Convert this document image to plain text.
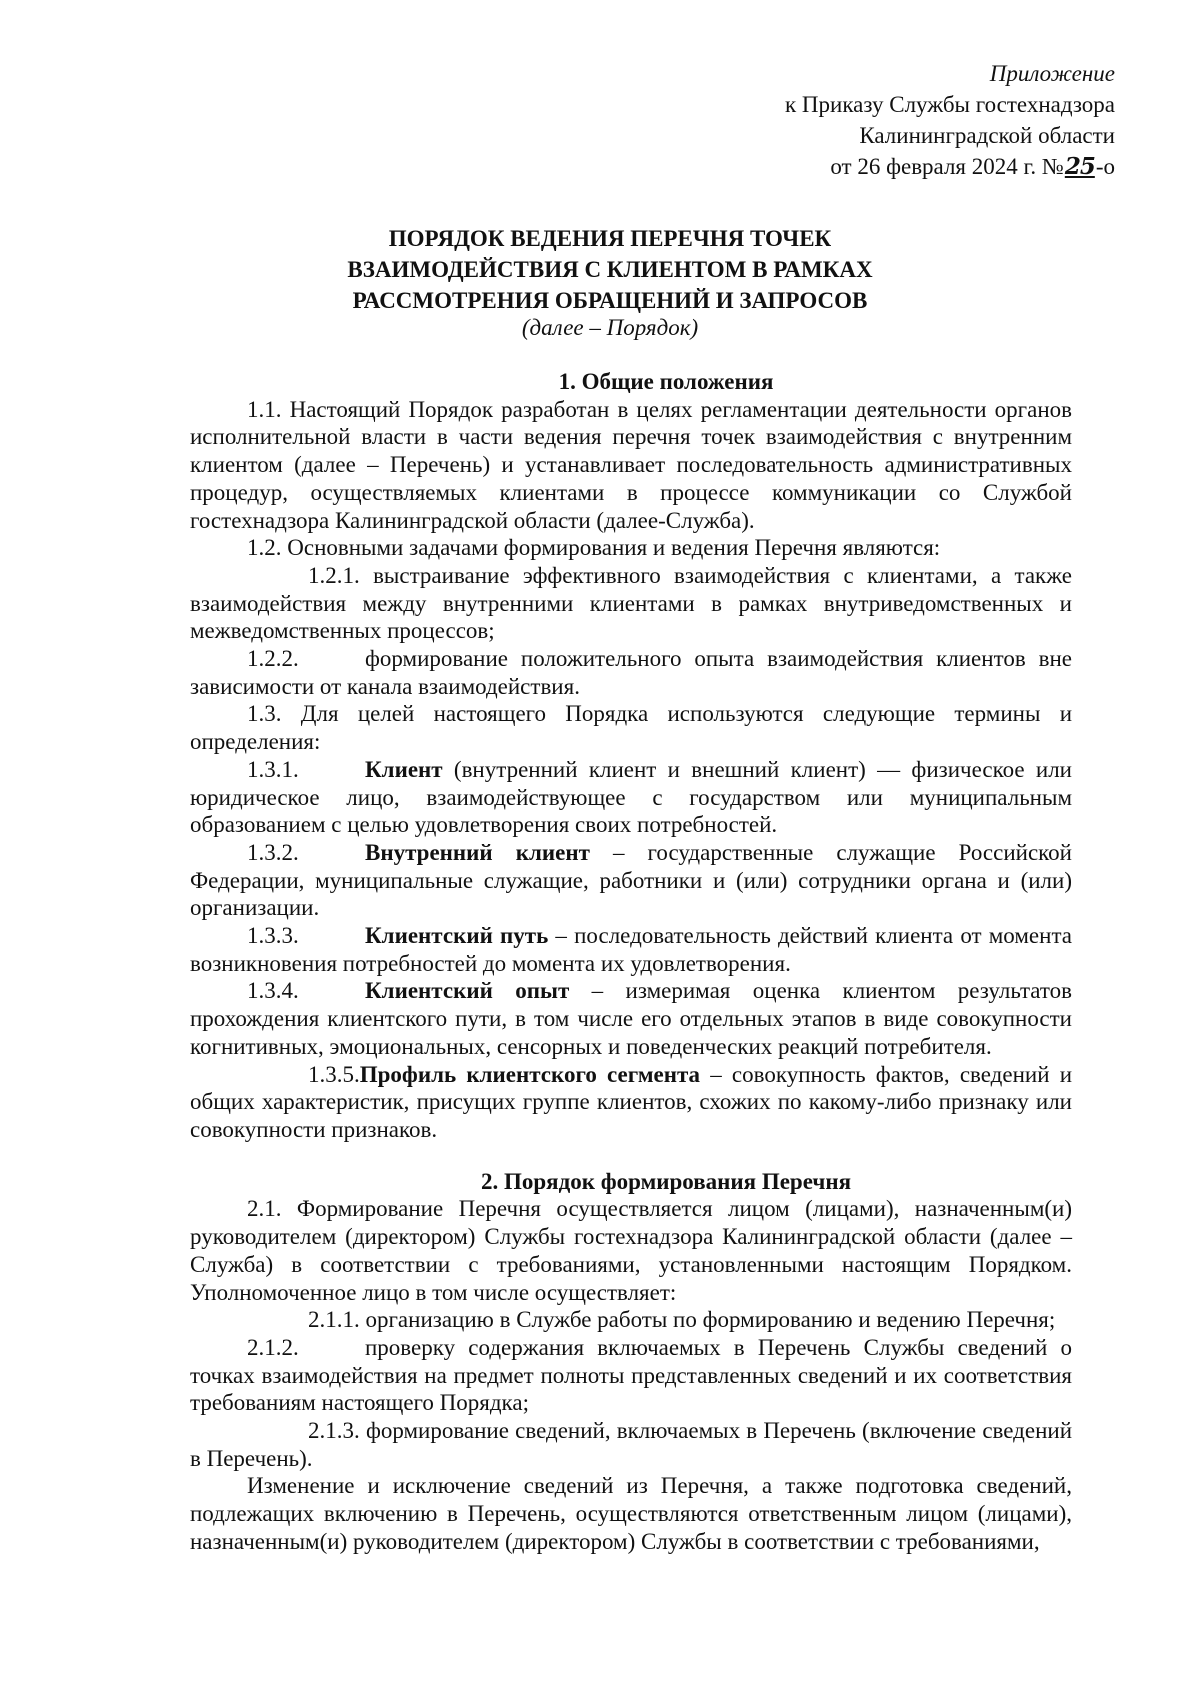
Приложение
к Приказу Службы гостехнадзора
Калининградской области
от 26 февраля 2024 г. №25-о
ПОРЯДОК ВЕДЕНИЯ ПЕРЕЧНЯ ТОЧЕК
ВЗАИМОДЕЙСТВИЯ С КЛИЕНТОМ В РАМКАХ
РАССМОТРЕНИЯ ОБРАЩЕНИЙ И ЗАПРОСОВ
(далее – Порядок)
1. Общие положения

1.1. Настоящий Порядок разработан в целях регламентации деятельности органов исполнительной власти в части ведения перечня точек взаимодействия с внутренним клиентом (далее – Перечень) и устанавливает последовательность административных процедур, осуществляемых клиентами в процессе коммуникации со Службой гостехнадзора Калининградской области (далее-Служба).

1.2. Основными задачами формирования и ведения Перечня являются:

1.2.1. выстраивание эффективного взаимодействия с клиентами, а также взаимодействия между внутренними клиентами в рамках внутриведомственных и межведомственных процессов;

1.2.2.	формирование положительного опыта взаимодействия клиентов вне зависимости от канала взаимодействия.

1.3. Для целей настоящего Порядка используются следующие термины и определения:

1.3.1.	Клиент (внутренний клиент и внешний клиент) — физическое или юридическое лицо, взаимодействующее с государством или муниципальным образованием с целью удовлетворения своих потребностей.

1.3.2.	Внутренний клиент – государственные служащие Российской Федерации, муниципальные служащие, работники и (или) сотрудники органа и (или) организации.

1.3.3.	Клиентский путь – последовательность действий клиента от момента возникновения потребностей до момента их удовлетворения.

1.3.4.	Клиентский опыт – измеримая оценка клиентом результатов прохождения клиентского пути, в том числе его отдельных этапов в виде совокупности когнитивных, эмоциональных, сенсорных и поведенческих реакций потребителя.

1.3.5.Профиль клиентского сегмента – совокупность фактов, сведений и общих характеристик, присущих группе клиентов, схожих по какому-либо признаку или совокупности признаков.

2. Порядок формирования Перечня

2.1. Формирование Перечня осуществляется лицом (лицами), назначенным(и) руководителем (директором) Службы гостехнадзора Калининградской области (далее – Служба) в соответствии с требованиями, установленными настоящим Порядком. Уполномоченное лицо в том числе осуществляет:

2.1.1. организацию в Службе работы по формированию и ведению Перечня;

2.1.2.	проверку содержания включаемых в Перечень Службы сведений о точках взаимодействия на предмет полноты представленных сведений и их соответствия требованиям настоящего Порядка;

2.1.3. формирование сведений, включаемых в Перечень (включение сведений в Перечень).

Изменение и исключение сведений из Перечня, а также подготовка сведений, подлежащих включению в Перечень, осуществляются ответственным лицом (лицами), назначенным(и) руководителем (директором) Службы в соответствии с требованиями,
